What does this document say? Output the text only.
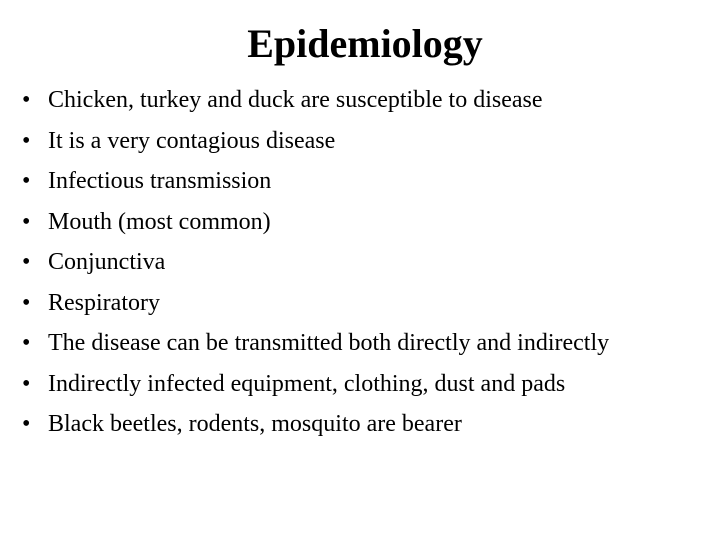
Epidemiology
• Chicken, turkey and duck are susceptible to disease
• It is a very contagious disease
• Infectious transmission
• Mouth (most common)
• Conjunctiva
• Respiratory
• The disease can be transmitted both directly and indirectly
• Indirectly infected equipment, clothing, dust and pads
• Black beetles, rodents, mosquito are bearer
